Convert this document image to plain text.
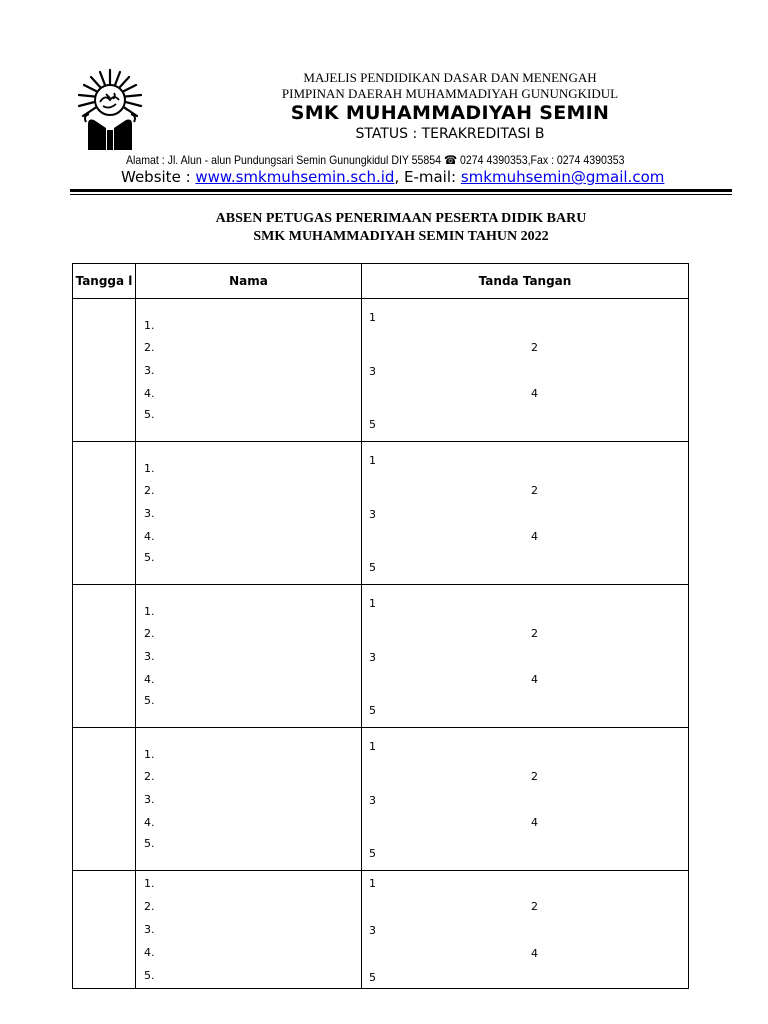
MAJELIS PENDIDIKAN DASAR DAN MENENGAH
PIMPINAN DAERAH MUHAMMADIYAH GUNUNGKIDUL
SMK MUHAMMADIYAH SEMIN
STATUS : TERAKREDITASI B
Alamat : Jl. Alun - alun Pundungsari Semin Gunungkidul DIY 55854 ☎ 0274 4390353,Fax : 0274 4390353
Website : www.smkmuhsemin.sch.id, E-mail: smkmuhsemin@gmail.com
ABSEN PETUGAS PENERIMAAN PESERTA DIDIK BARU
SMK MUHAMMADIYAH SEMIN TAHUN 2022
Tangga l	Nama	Tanda Tangan

	1.
2.
3.
4.
5.	1
2
3
4
5

	1.
2.
3.
4.
5.	1
2
3
4
5

	1.
2.
3.
4.
5.	1
2
3
4
5

	1.
2.
3.
4.
5.	1
2
3
4
5

	1.
2.
3.
4.
5.	1
2
3
4
5
